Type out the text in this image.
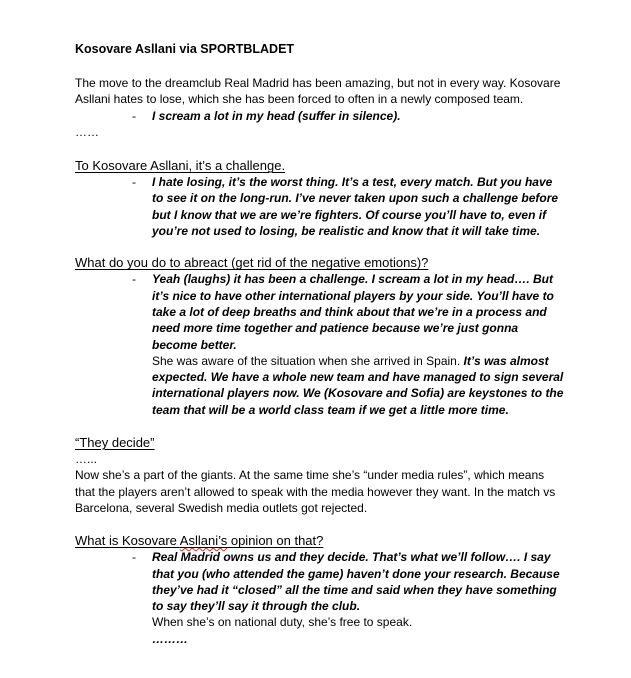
Kosovare Asllani via SPORTBLADET

The move to the dreamclub Real Madrid has been amazing, but not in every way. Kosovare Asllani hates to lose, which she has been forced to often in a newly composed team.

- I scream a lot in my head (suffer in silence).

……

To Kosovare Asllani, it’s a challenge.

- I hate losing, it’s the worst thing. It’s a test, every match. But you have to see it on the long-run. I’ve never taken upon such a challenge before but I know that we are we’re fighters. Of course you’ll have to, even if you’re not used to losing, be realistic and know that it will take time.

What do you do to abreact (get rid of the negative emotions)?

- Yeah (laughs) it has been a challenge. I scream a lot in my head…. But it’s nice to have other international players by your side. You’ll have to take a lot of deep breaths and think about that we’re in a process and need more time together and patience because we’re just gonna become better.

She was aware of the situation when she arrived in Spain. It’s was almost expected. We have a whole new team and have managed to sign several international players now. We (Kosovare and Sofia) are keystones to the team that will be a world class team if we get a little more time.

“They decide”

…...

Now she’s a part of the giants. At the same time she’s “under media rules”, which means that the players aren’t allowed to speak with the media however they want. In the match vs Barcelona, several Swedish media outlets got rejected.

What is Kosovare Asllani’s opinion on that?

- Real Madrid owns us and they decide. That’s what we’ll follow…. I say that you (who attended the game) haven’t done your research. Because they’ve had it “closed” all the time and said when they have something to say they’ll say it through the club.

When she’s on national duty, she’s free to speak.

………
